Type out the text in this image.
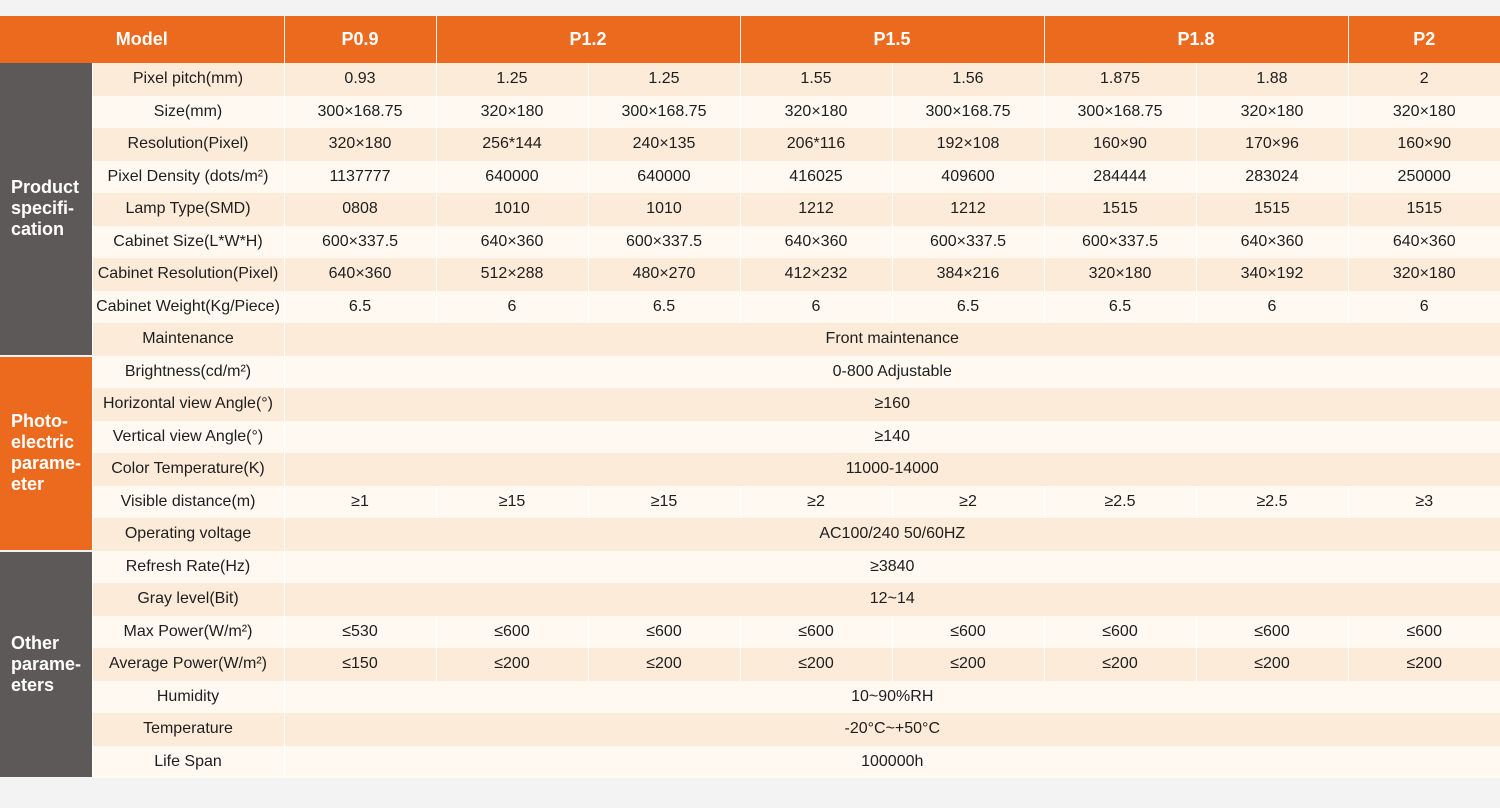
Model		P0.9	P1.2		P1.5		P1.8		P2

Product
specifi-
cation	Pixel pitch(mm)	0.93	1.25	1.25	1.55	1.56	1.875	1.88	2
	Size(mm)	300×168.75	320×180	300×168.75	320×180	300×168.75	300×168.75	320×180	320×180
	Resolution(Pixel)	320×180	256*144	240×135	206*116	192×108	160×90	170×96	160×90
	Pixel Density (dots/m²)	1137777	640000	640000	416025	409600	284444	283024	250000
	Lamp Type(SMD)	0808	1010	1010	1212	1212	1515	1515	1515
	Cabinet Size(L*W*H)	600×337.5	640×360	600×337.5	640×360	600×337.5	600×337.5	640×360	640×360
	Cabinet Resolution(Pixel)	640×360	512×288	480×270	412×232	384×216	320×180	340×192	320×180
	Cabinet Weight(Kg/Piece)	6.5	6	6.5	6	6.5	6.5	6	6
	Maintenance	Front maintenance							

Photo-
electric
parame-
eter	Brightness(cd/m²)	0-800 Adjustable							
	Horizontal view Angle(°)	≥160							
	Vertical view Angle(°)	≥140							
	Color Temperature(K)	11000-14000							
	Visible distance(m)	≥1	≥15	≥15	≥2	≥2	≥2.5	≥2.5	≥3
	Operating voltage	AC100/240 50/60HZ							

Other
parame-
eters	Refresh Rate(Hz)	≥3840							
	Gray level(Bit)	12~14							
	Max Power(W/m²)	≤530	≤600	≤600	≤600	≤600	≤600	≤600	≤600
	Average Power(W/m²)	≤150	≤200	≤200	≤200	≤200	≤200	≤200	≤200
	Humidity	10~90%RH							
	Temperature	-20°C~+50°C							
	Life Span	100000h							
